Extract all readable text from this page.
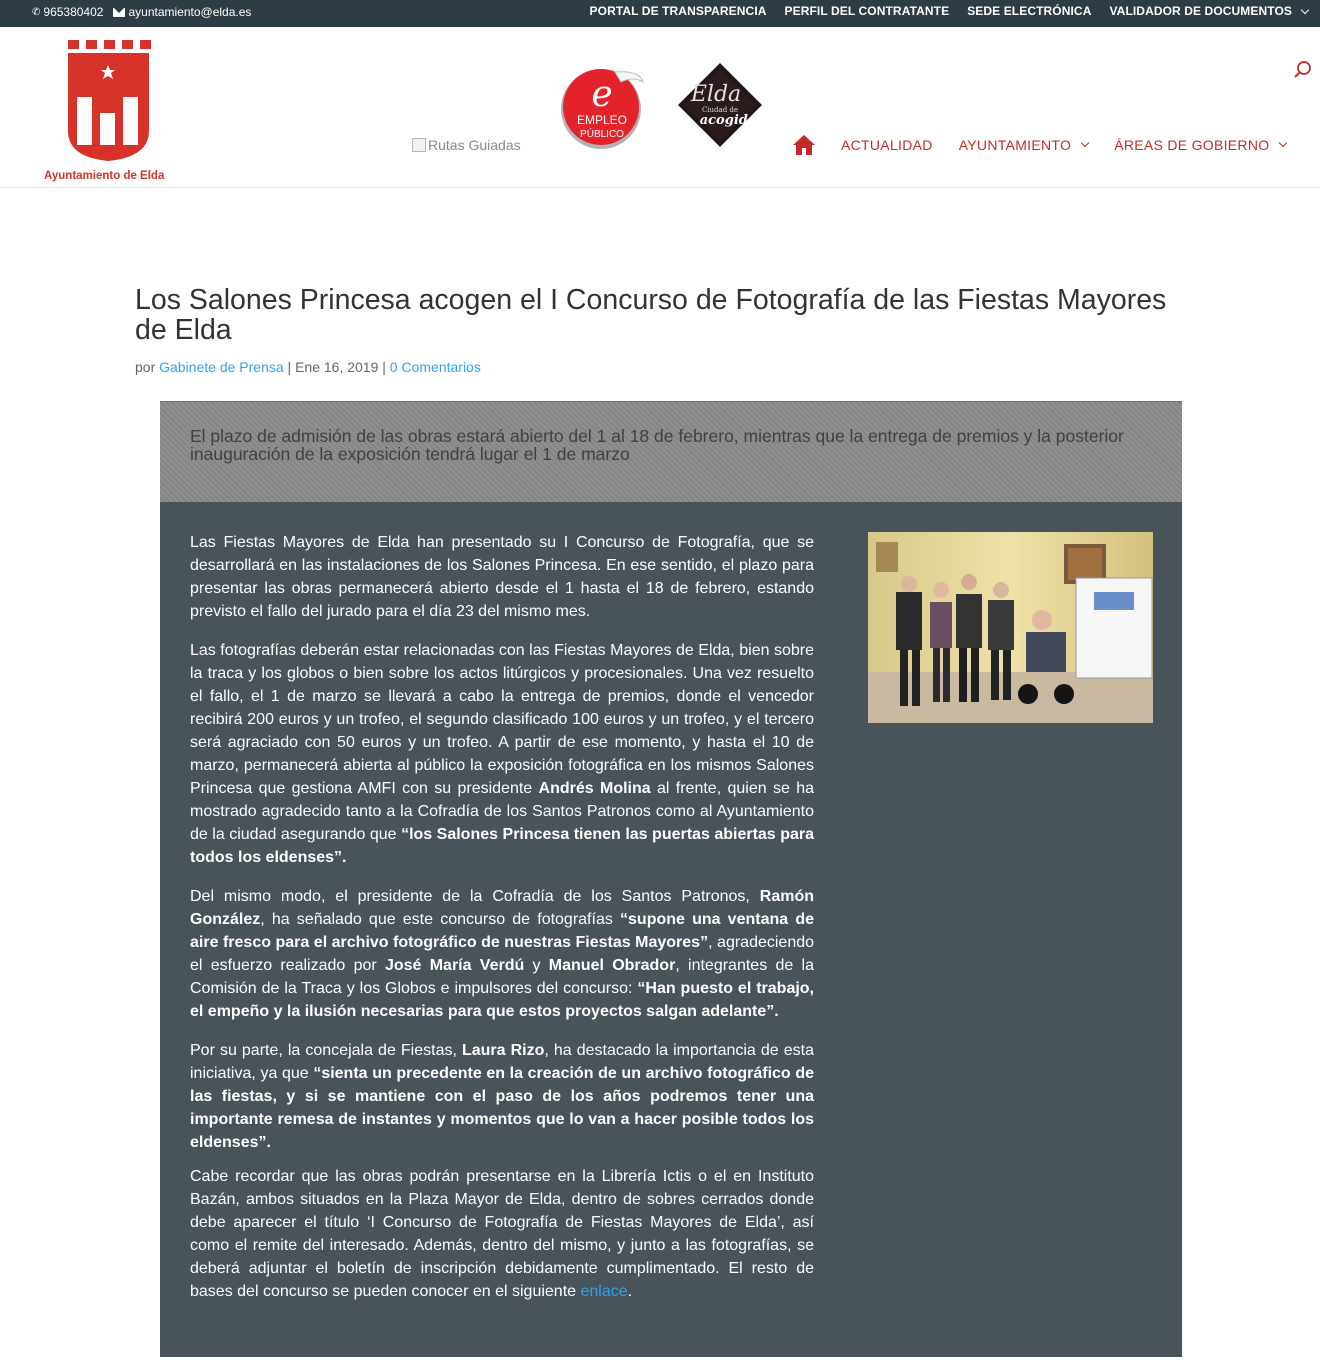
✆ 965380402 ayuntamiento@elda.es	PORTAL DE TRANSPARENCIA PERFIL DEL CONTRATANTE SEDE ELECTRÓNICA VALIDADOR DE DOCUMENTOS
Ayuntamiento de Elda
Rutas Guiadas
e
EMPLEO
PÚBLICO
Elda
Ciudad de
acogida
ACTUALIDAD AYUNTAMIENTO	ÁREAS DE GOBIERNO
Los Salones Princesa acogen el I Concurso de Fotografía de las Fiestas Mayores de Elda
por Gabinete de Prensa | Ene 16, 2019 | 0 Comentarios

El plazo de admisión de las obras estará abierto del 1 al 18 de febrero, mientras que la entrega de premios y la posterior inauguración de la exposición tendrá lugar el 1 de marzo

Las Fiestas Mayores de Elda han presentado su I Concurso de Fotografía, que se desarrollará en las instalaciones de los Salones Princesa. En ese sentido, el plazo para presentar las obras permanecerá abierto desde el 1 hasta el 18 de febrero, estando previsto el fallo del jurado para el día 23 del mismo mes.

Las fotografías deberán estar relacionadas con las Fiestas Mayores de Elda, bien sobre la traca y los globos o bien sobre los actos litúrgicos y procesionales. Una vez resuelto el fallo, el 1 de marzo se llevará a cabo la entrega de premios, donde el vencedor recibirá 200 euros y un trofeo, el segundo clasificado 100 euros y un trofeo, y el tercero será agraciado con 50 euros y un trofeo. A partir de ese momento, y hasta el 10 de marzo, permanecerá abierta al público la exposición fotográfica en los mismos Salones Princesa que gestiona AMFI con su presidente Andrés Molina al frente, quien se ha mostrado agradecido tanto a la Cofradía de los Santos Patronos como al Ayuntamiento de la ciudad asegurando que “los Salones Princesa tienen las puertas abiertas para todos los eldenses”.

Del mismo modo, el presidente de la Cofradía de los Santos Patronos, Ramón González, ha señalado que este concurso de fotografías “supone una ventana de aire fresco para el archivo fotográfico de nuestras Fiestas Mayores”, agradeciendo el esfuerzo realizado por José María Verdú y Manuel Obrador, integrantes de la Comisión de la Traca y los Globos e impulsores del concurso: “Han puesto el trabajo, el empeño y la ilusión necesarias para que estos proyectos salgan adelante”.

Por su parte, la concejala de Fiestas, Laura Rizo, ha destacado la importancia de esta iniciativa, ya que “sienta un precedente en la creación de un archivo fotográfico de las fiestas, y si se mantiene con el paso de los años podremos tener una importante remesa de instantes y momentos que lo van a hacer posible todos los eldenses”.

Cabe recordar que las obras podrán presentarse en la Librería Ictis o el en Instituto Bazán, ambos situados en la Plaza Mayor de Elda, dentro de sobres cerrados donde debe aparecer el título ‘I Concurso de Fotografía de Fiestas Mayores de Elda’, así como el remite del interesado. Además, dentro del mismo, y junto a las fotografías, se deberá adjuntar el boletín de inscripción debidamente cumplimentado. El resto de bases del concurso se pueden conocer en el siguiente enlace.
